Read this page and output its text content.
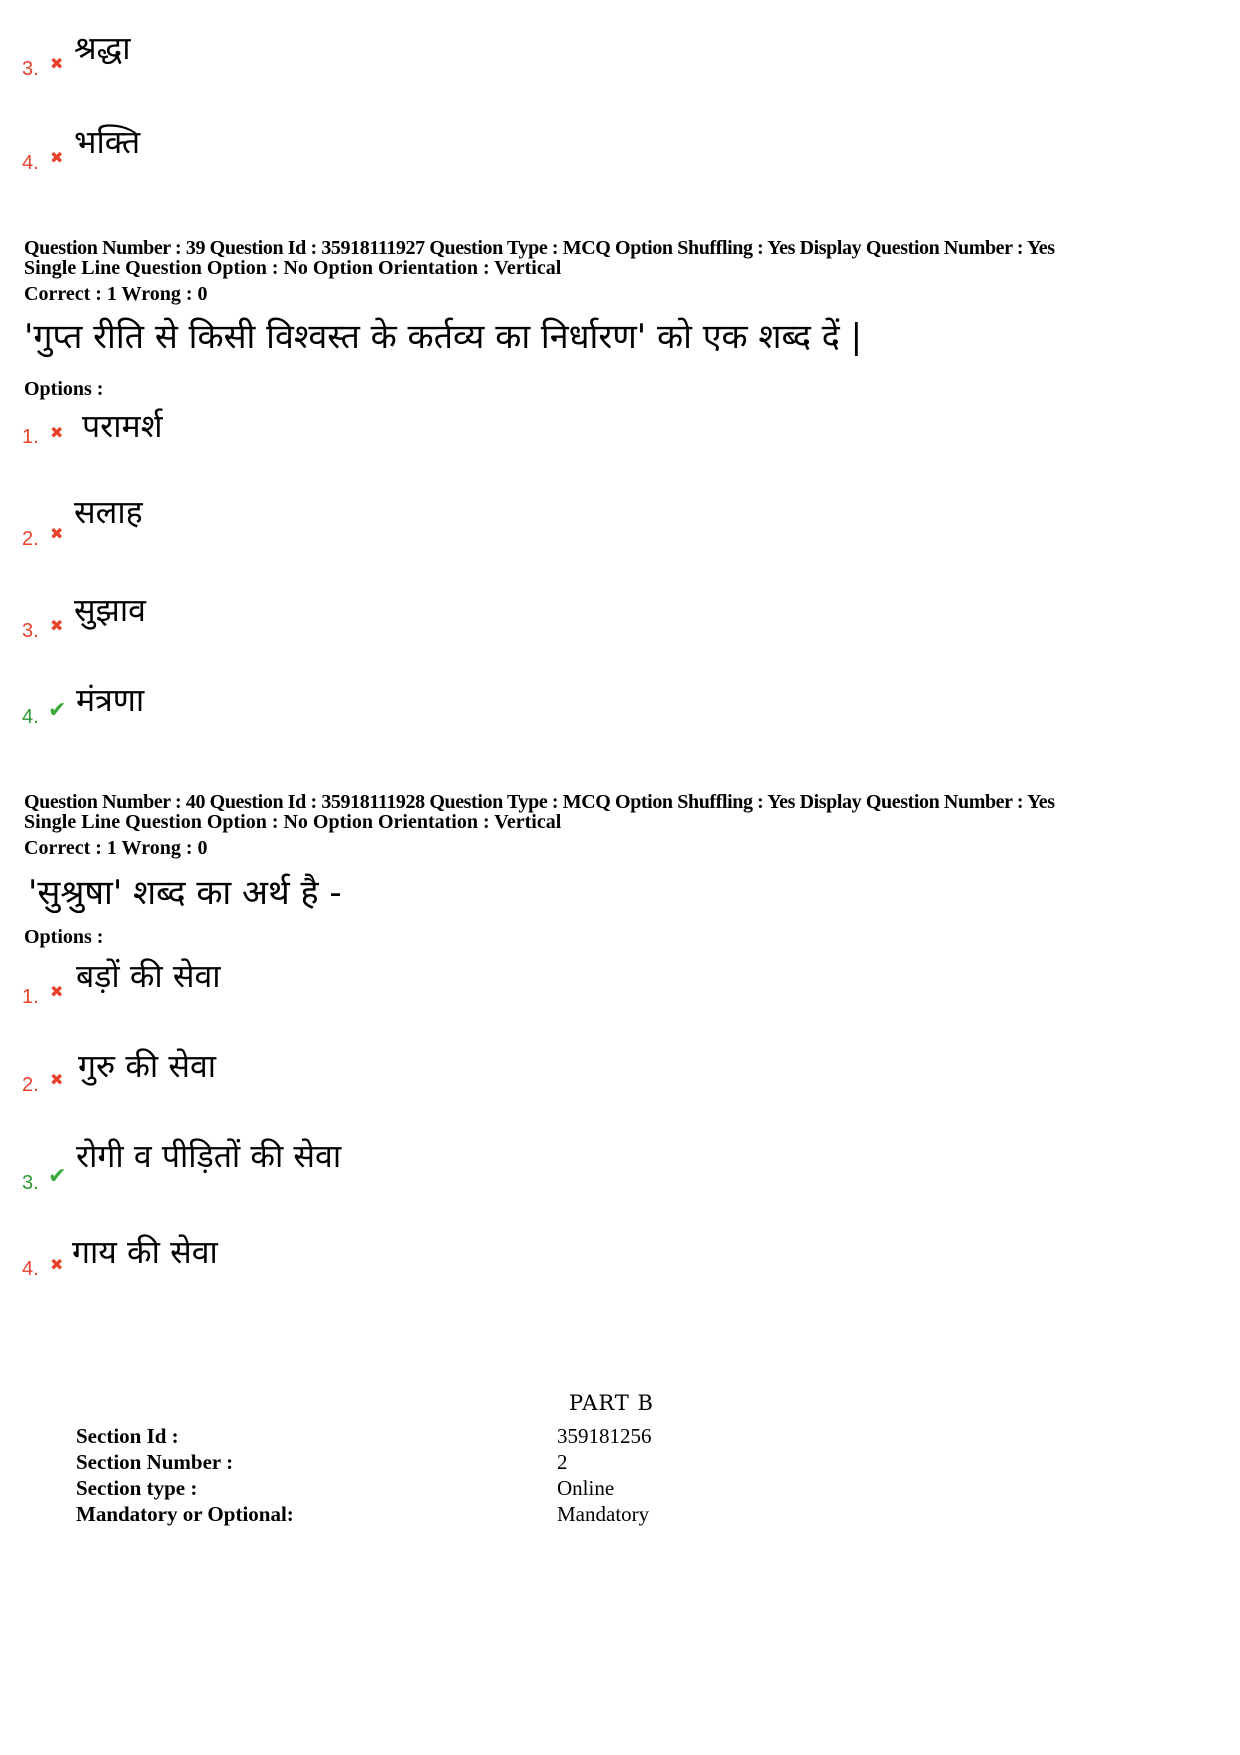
3. ✖ श्रद्धा
4. ✖ भक्ति
Question Number : 39 Question Id : 35918111927 Question Type : MCQ Option Shuffling : Yes Display Question Number : Yes
Single Line Question Option : No Option Orientation : Vertical
Correct : 1 Wrong : 0
'गुप्त रीति से किसी विश्वस्त के कर्तव्य का निर्धारण' को एक शब्द दें |
Options :
1. ✖ परामर्श
2. ✖
सलाह
3. ✖ सुझाव
4. ✔ मंत्रणा
Question Number : 40 Question Id : 35918111928 Question Type : MCQ Option Shuffling : Yes Display Question Number : Yes
Single Line Question Option : No Option Orientation : Vertical
Correct : 1 Wrong : 0
'सुश्रुषा' शब्द का अर्थ है -
Options :
1. ✖ बड़ों की सेवा
2. ✖ गुरु की सेवा
3. ✔
रोगी व पीड़ितों की सेवा
4. ✖ गाय की सेवा
PART B
Section Id :	359181256
Section Number :	2
Section type :	Online
Mandatory or Optional:	Mandatory
